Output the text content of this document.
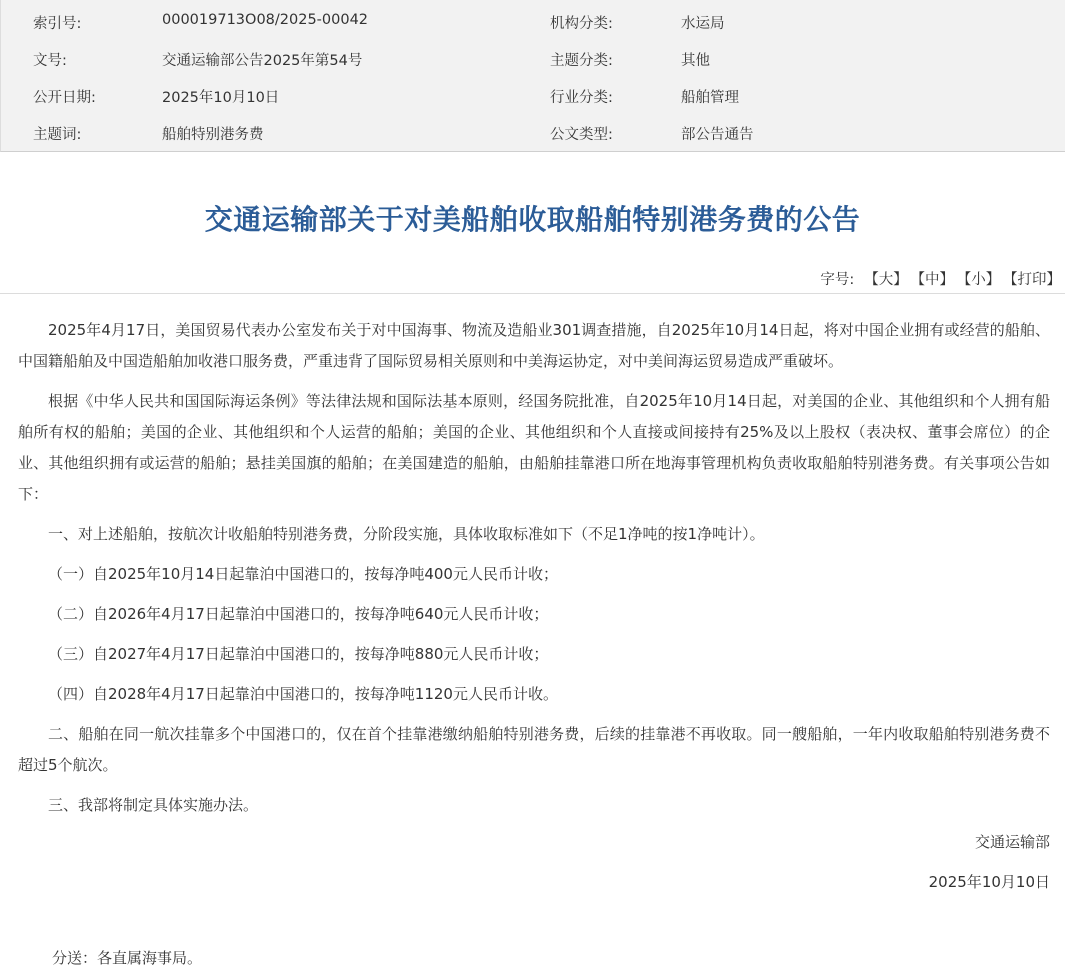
索引号:	000019713O08/2025-00042	机构分类:	水运局
文号:	交通运输部公告2025年第54号	主题分类:	其他
公开日期:	2025年10月10日	行业分类:	船舶管理
主题词:	船舶特别港务费	公文类型:	部公告通告
交通运输部关于对美船舶收取船舶特别港务费的公告
字号: 【大】 【中】 【小】 【打印】

2025年4月17日，美国贸易代表办公室发布关于对中国海事、物流及造船业301调查措施，自2025年10月14日起，将对中国企业拥有或经营的船舶、中国籍船舶及中国造船舶加收港口服务费，严重违背了国际贸易相关原则和中美海运协定，对中美间海运贸易造成严重破坏。

根据《中华人民共和国国际海运条例》等法律法规和国际法基本原则，经国务院批准，自2025年10月14日起，对美国的企业、其他组织和个人拥有船舶所有权的船舶；美国的企业、其他组织和个人运营的船舶；美国的企业、其他组织和个人直接或间接持有25%及以上股权（表决权、董事会席位）的企业、其他组织拥有或运营的船舶；悬挂美国旗的船舶；在美国建造的船舶，由船舶挂靠港口所在地海事管理机构负责收取船舶特别港务费。有关事项公告如下：

一、对上述船舶，按航次计收船舶特别港务费，分阶段实施，具体收取标准如下（不足1净吨的按1净吨计）。

（一）自2025年10月14日起靠泊中国港口的，按每净吨400元人民币计收；

（二）自2026年4月17日起靠泊中国港口的，按每净吨640元人民币计收；

（三）自2027年4月17日起靠泊中国港口的，按每净吨880元人民币计收；

（四）自2028年4月17日起靠泊中国港口的，按每净吨1120元人民币计收。

二、船舶在同一航次挂靠多个中国港口的，仅在首个挂靠港缴纳船舶特别港务费，后续的挂靠港不再收取。同一艘船舶，一年内收取船舶特别港务费不超过5个航次。

三、我部将制定具体实施办法。

交通运输部
2025年10月10日
分送：各直属海事局。
